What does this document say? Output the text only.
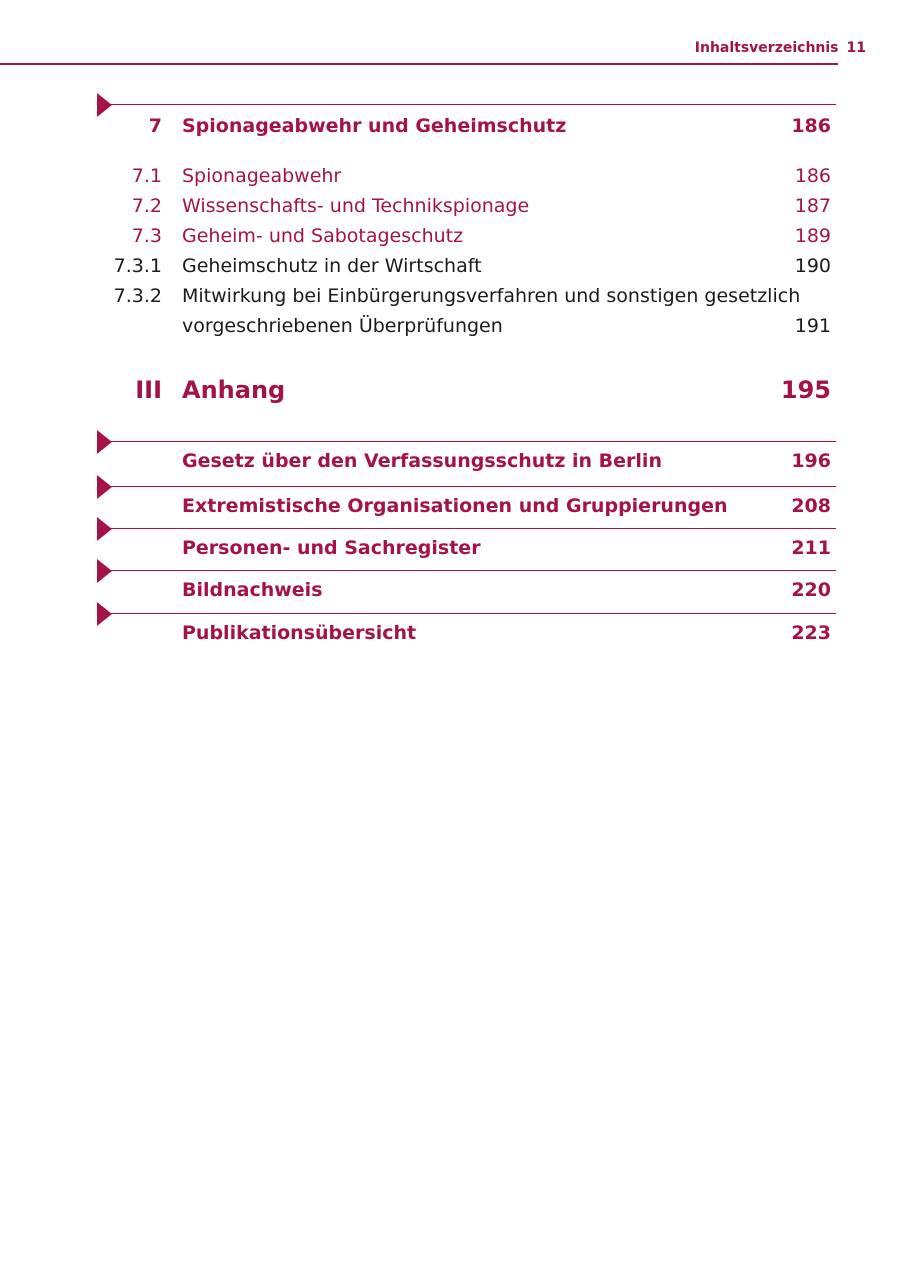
Inhaltsverzeichnis 11
7 Spionageabwehr und Geheimschutz	186
7.1 Spionageabwehr	186
7.2 Wissenschafts- und Technikspionage	187
7.3 Geheim- und Sabotageschutz	189
7.3.1 Geheimschutz in der Wirtschaft	190
7.3.2 Mitwirkung bei Einbürgerungsverfahren und sonstigen gesetzlich
vorgeschriebenen Überprüfungen	191
III Anhang	195
Gesetz über den Verfassungsschutz in Berlin	196
Extremistische Organisationen und Gruppierungen	208
Personen- und Sachregister	211
Bildnachweis	220
Publikationsübersicht	223
